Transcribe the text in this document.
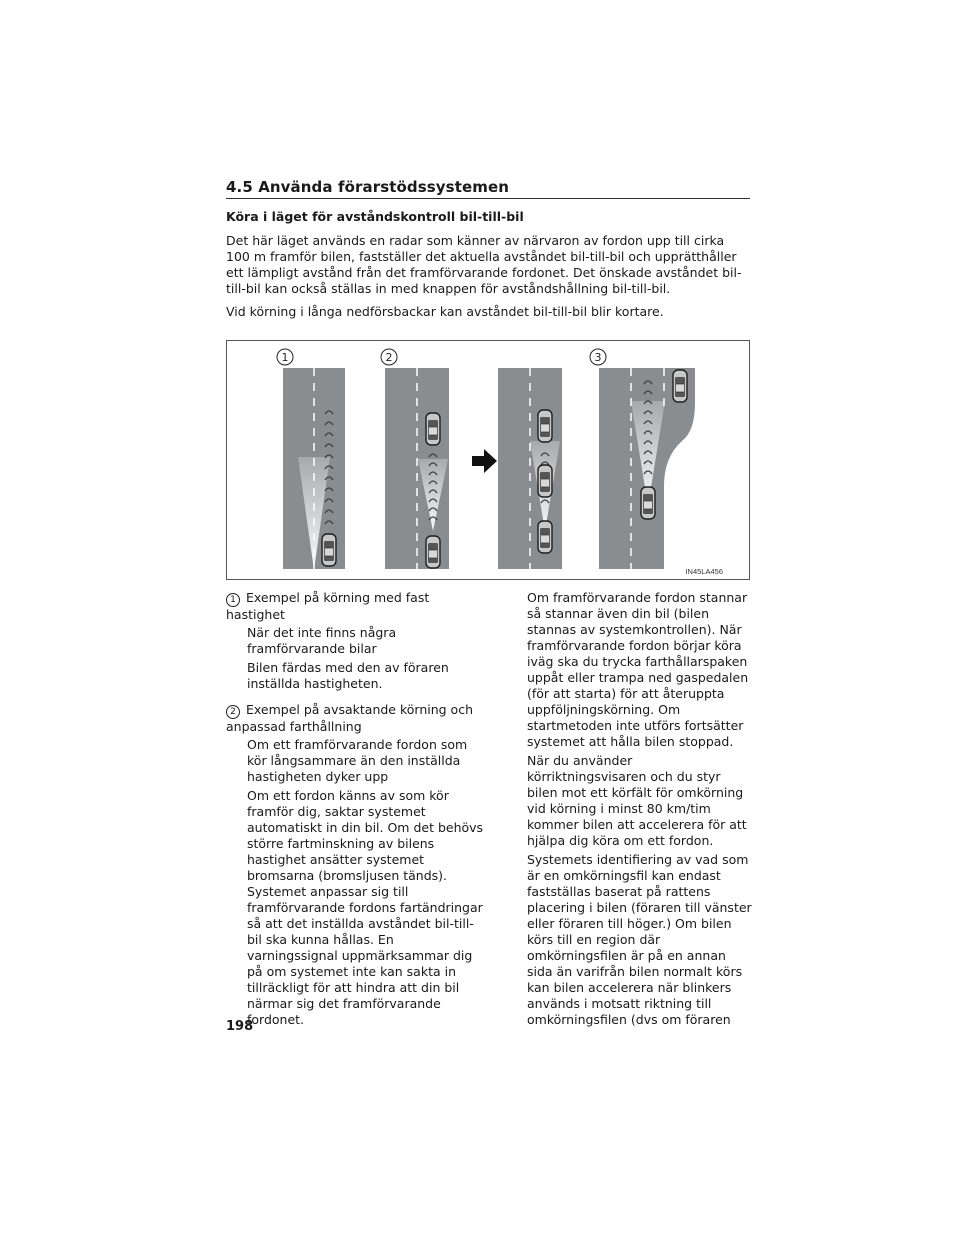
4.5 Använda förarstödssystemen
Köra i läget för avståndskontroll bil-till-bil

Det här läget används en radar som känner av närvaron av fordon upp till cirka 100 m framför bilen, fastställer det aktuella avståndet bil-till-bil och upprätthåller ett lämpligt avstånd från det framförvarande fordonet. Det önskade avståndet bil-till-bil kan också ställas in med knappen för avståndshållning bil-till-bil.

Vid körning i långa nedförsbackar kan avståndet bil-till-bil blir kortare.

1	2	3
IN45LA456

1 Exempel på körning med fast hastighet

När det inte finns några framförvarande bilar

Bilen färdas med den av föraren inställda hastigheten.

2 Exempel på avsaktande körning och anpassad farthållning

Om ett framförvarande fordon som kör långsammare än den inställda hastigheten dyker upp

Om ett fordon känns av som kör framför dig, saktar systemet automatiskt in din bil. Om det behövs större fartminskning av bilens hastighet ansätter systemet bromsarna (bromsljusen tänds). Systemet anpassar sig till framförvarande fordons fartändringar så att det inställda avståndet bil-till-bil ska kunna hållas. En varningssignal uppmärksammar dig på om systemet inte kan sakta in tillräckligt för att hindra att din bil närmar sig det framförvarande fordonet.

Om framförvarande fordon stannar så stannar även din bil (bilen stannas av systemkontrollen). När framförvarande fordon börjar köra iväg ska du trycka farthållarspaken uppåt eller trampa ned gaspedalen (för att starta) för att återuppta uppföljningskörning. Om startmetoden inte utförs fortsätter systemet att hålla bilen stoppad.

När du använder körriktningsvisaren och du styr bilen mot ett körfält för omkörning vid körning i minst 80 km/tim kommer bilen att accelerera för att hjälpa dig köra om ett fordon.

Systemets identifiering av vad som är en omkörningsfil kan endast fastställas baserat på rattens placering i bilen (föraren till vänster eller föraren till höger.) Om bilen körs till en region där omkörningsfilen är på en annan sida än varifrån bilen normalt körs kan bilen accelerera när blinkers används i motsatt riktning till omkörningsfilen (dvs om föraren

198
